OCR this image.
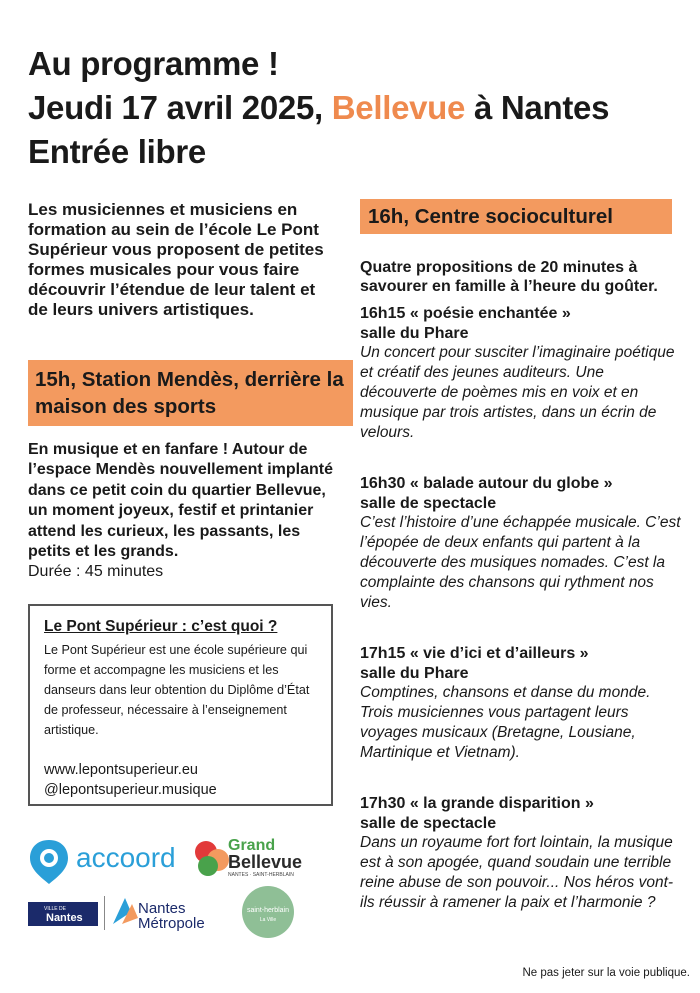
Au programme !
Jeudi 17 avril 2025, Bellevue à Nantes
Entrée libre
Les musiciennes et musiciens en formation au sein de l’école Le Pont Supérieur vous proposent de petites formes musicales pour vous faire découvrir l’étendue de leur talent et de leurs univers artistiques.
15h, Station Mendès, derrière la maison des sports
En musique et en fanfare ! Autour de l’espace Mendès nouvellement implanté dans ce petit coin du quartier Bellevue, un moment joyeux, festif et printanier attend les curieux, les passants, les petits et les grands.
Durée : 45 minutes
Le Pont Supérieur : c’est quoi ?
Le Pont Supérieur est une école supérieure qui forme et accompagne les musiciens et les danseurs dans leur obtention du Diplôme d’État de professeur, nécessaire à l’enseignement artistique.
www.lepontsuperieur.eu
@lepontsuperieur.musique
16h, Centre socioculturel
Quatre propositions de 20 minutes à savourer en famille à l’heure du goûter.
16h15 « poésie enchantée »
salle du Phare
Un concert pour susciter l’imaginaire poétique et créatif des jeunes auditeurs. Une découverte de poèmes mis en voix et en musique par trois artistes, dans un écrin de velours.
16h30 « balade autour du globe »
salle de spectacle
C’est l’histoire d’une échappée musicale. C’est l’épopée de deux enfants qui partent à la découverte des musiques nomades. C’est la complainte des chansons qui rythment nos vies.
17h15 « vie d’ici et d’ailleurs »
salle du Phare
Comptines, chansons et danse du monde. Trois musiciennes vous partagent leurs voyages musicaux (Bretagne, Lousiane, Martinique et Vietnam).
17h30 « la grande disparition »
salle de spectacle
Dans un royaume fort fort lointain, la musique est à son apogée, quand soudain une terrible reine abuse de son pouvoir... Nos héros vont-ils réussir à ramener la paix et l’harmonie ?
accoord	Grand
Bellevue
NANTES · SAINT-HERBLAIN
VILLE DE
Nantes
Nantes
Métropole
saint-herblain
La Ville
Ne pas jeter sur la voie publique.
